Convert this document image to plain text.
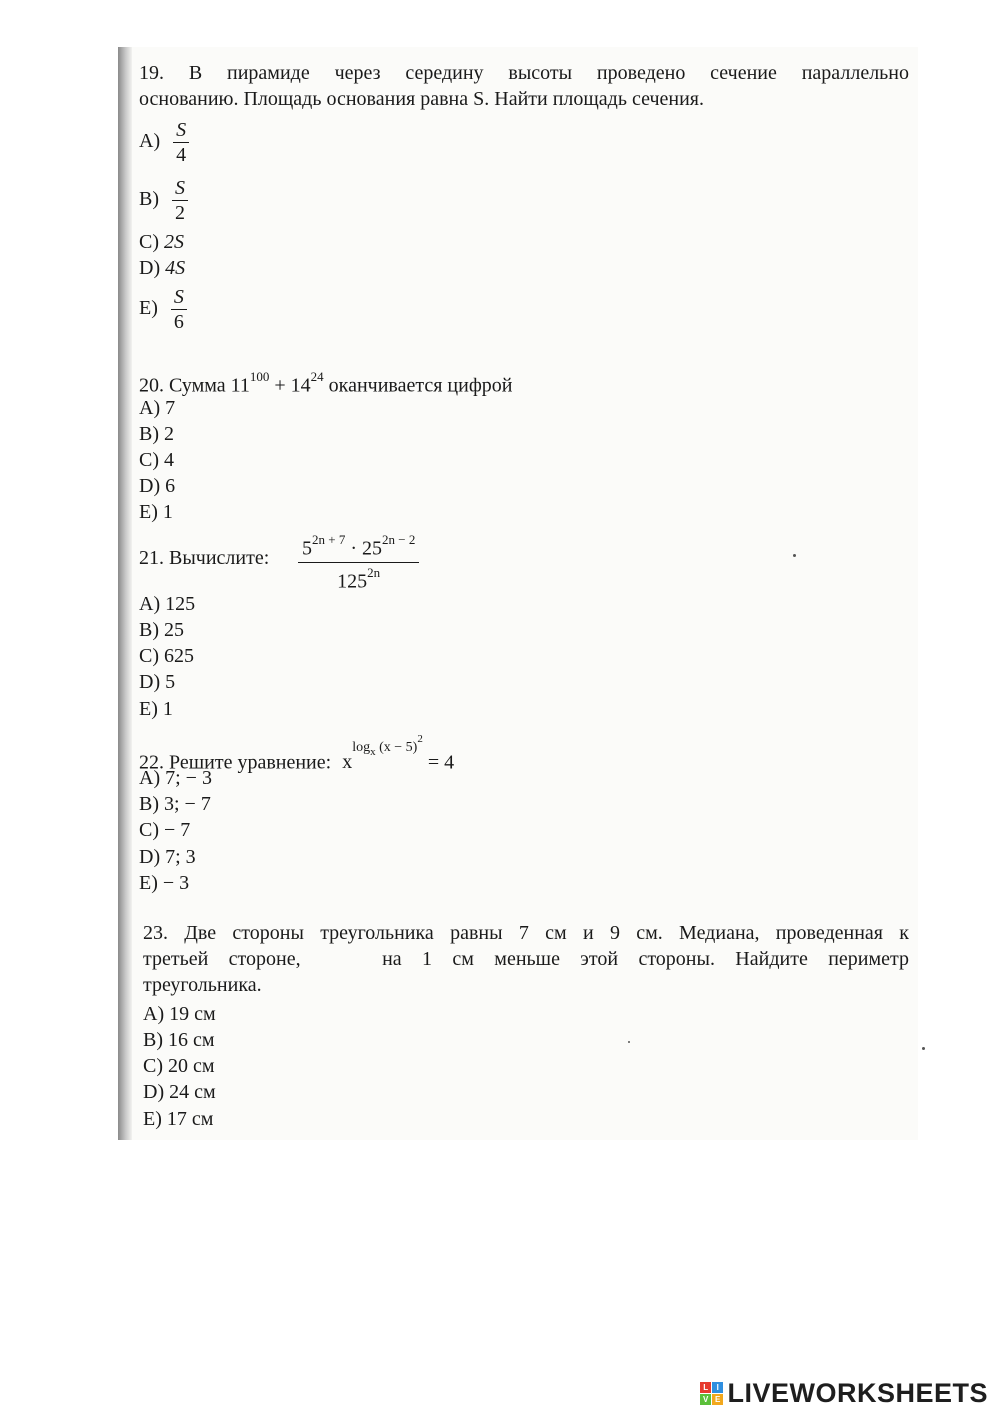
19. В пирамиде через середину высоты проведено сечение параллельно

основанию. Площадь основания равна S. Найти площадь сечения.

$A) \frac{S}{4}$
$B) \frac{S}{2}$
C) 2S
D) 4S
$E) \frac{S}{6}$
20. Сумма $11^{100} + 14^{24}$ оканчивается цифрой
A) 7
B) 2
C) 4
D) 6
E) 1
21. Вычислите: $\frac{5^{2n + 7} \cdot 25^{2n - 2}}{125^{2n}}$
A) 125
B) 25
C) 625
D) 5
E) 1
22. Решите уравнение: $x^{log_x (x - 5)^2} = 4$
A) 7; − 3
B) 3; − 7
C) − 7
D) 7; 3
E) − 3

23. Две стороны треугольника равны 7 см и 9 см. Медиана, проведенная к

третьей стороне,    на 1 см меньше этой стороны. Найдите периметр

треугольника.

A) 19 см
B) 16 см
C) 20 см
D) 24 см
E) 17 см
L I
V E LIVEWORKSHEETS
